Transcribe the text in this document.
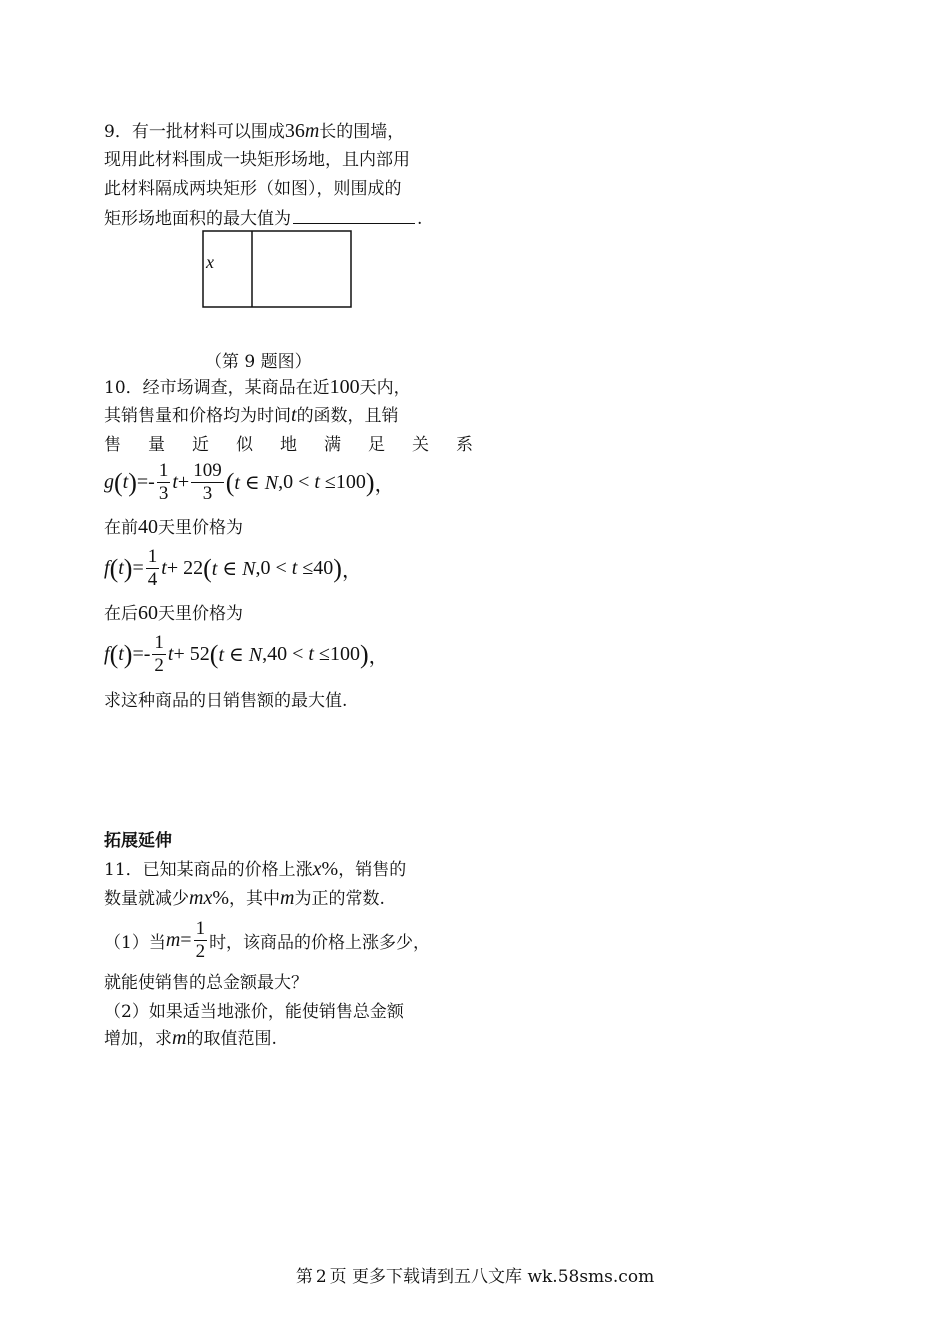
9．有一批材料可以围成36m长的围墙，
现用此材料围成一块矩形场地，且内部用
此材料隔成两块矩形（如图），则围成的
矩形场地面积的最大值为	.
x
（第 9 题图）
10．经市场调查，某商品在近100天内，
其销售量和价格均为时间t的函数，且销
售 量 近 似 地 满 足 关 系
g ( t ) =- $\frac{1}{3}$ $t + \frac{109}{3}$ ( t ∈ N ,0 < t ≤100 ) ，
在前40天里价格为
f ( t ) = $\frac{1}{4}$ t + 22 ( t ∈ N ,0 < t ≤40 ) ，
在后60天里价格为
f ( t ) =- $\frac{1}{2}$ t + 52 ( t ∈ N ,40 < t ≤100 ) ，
求这种商品的日销售额的最大值.
拓展延伸
11．已知某商品的价格上涨x%，销售的
数量就减少mx%，其中m为正的常数.
（1）当 $m = \frac{1}{2}$ 时，该商品的价格上涨多少，
就能使销售的总金额最大？
（2）如果适当地涨价，能使销售总金额
增加，求m的取值范围.
第 2 页 更多下载请到五八文库 wk.58sms.com
